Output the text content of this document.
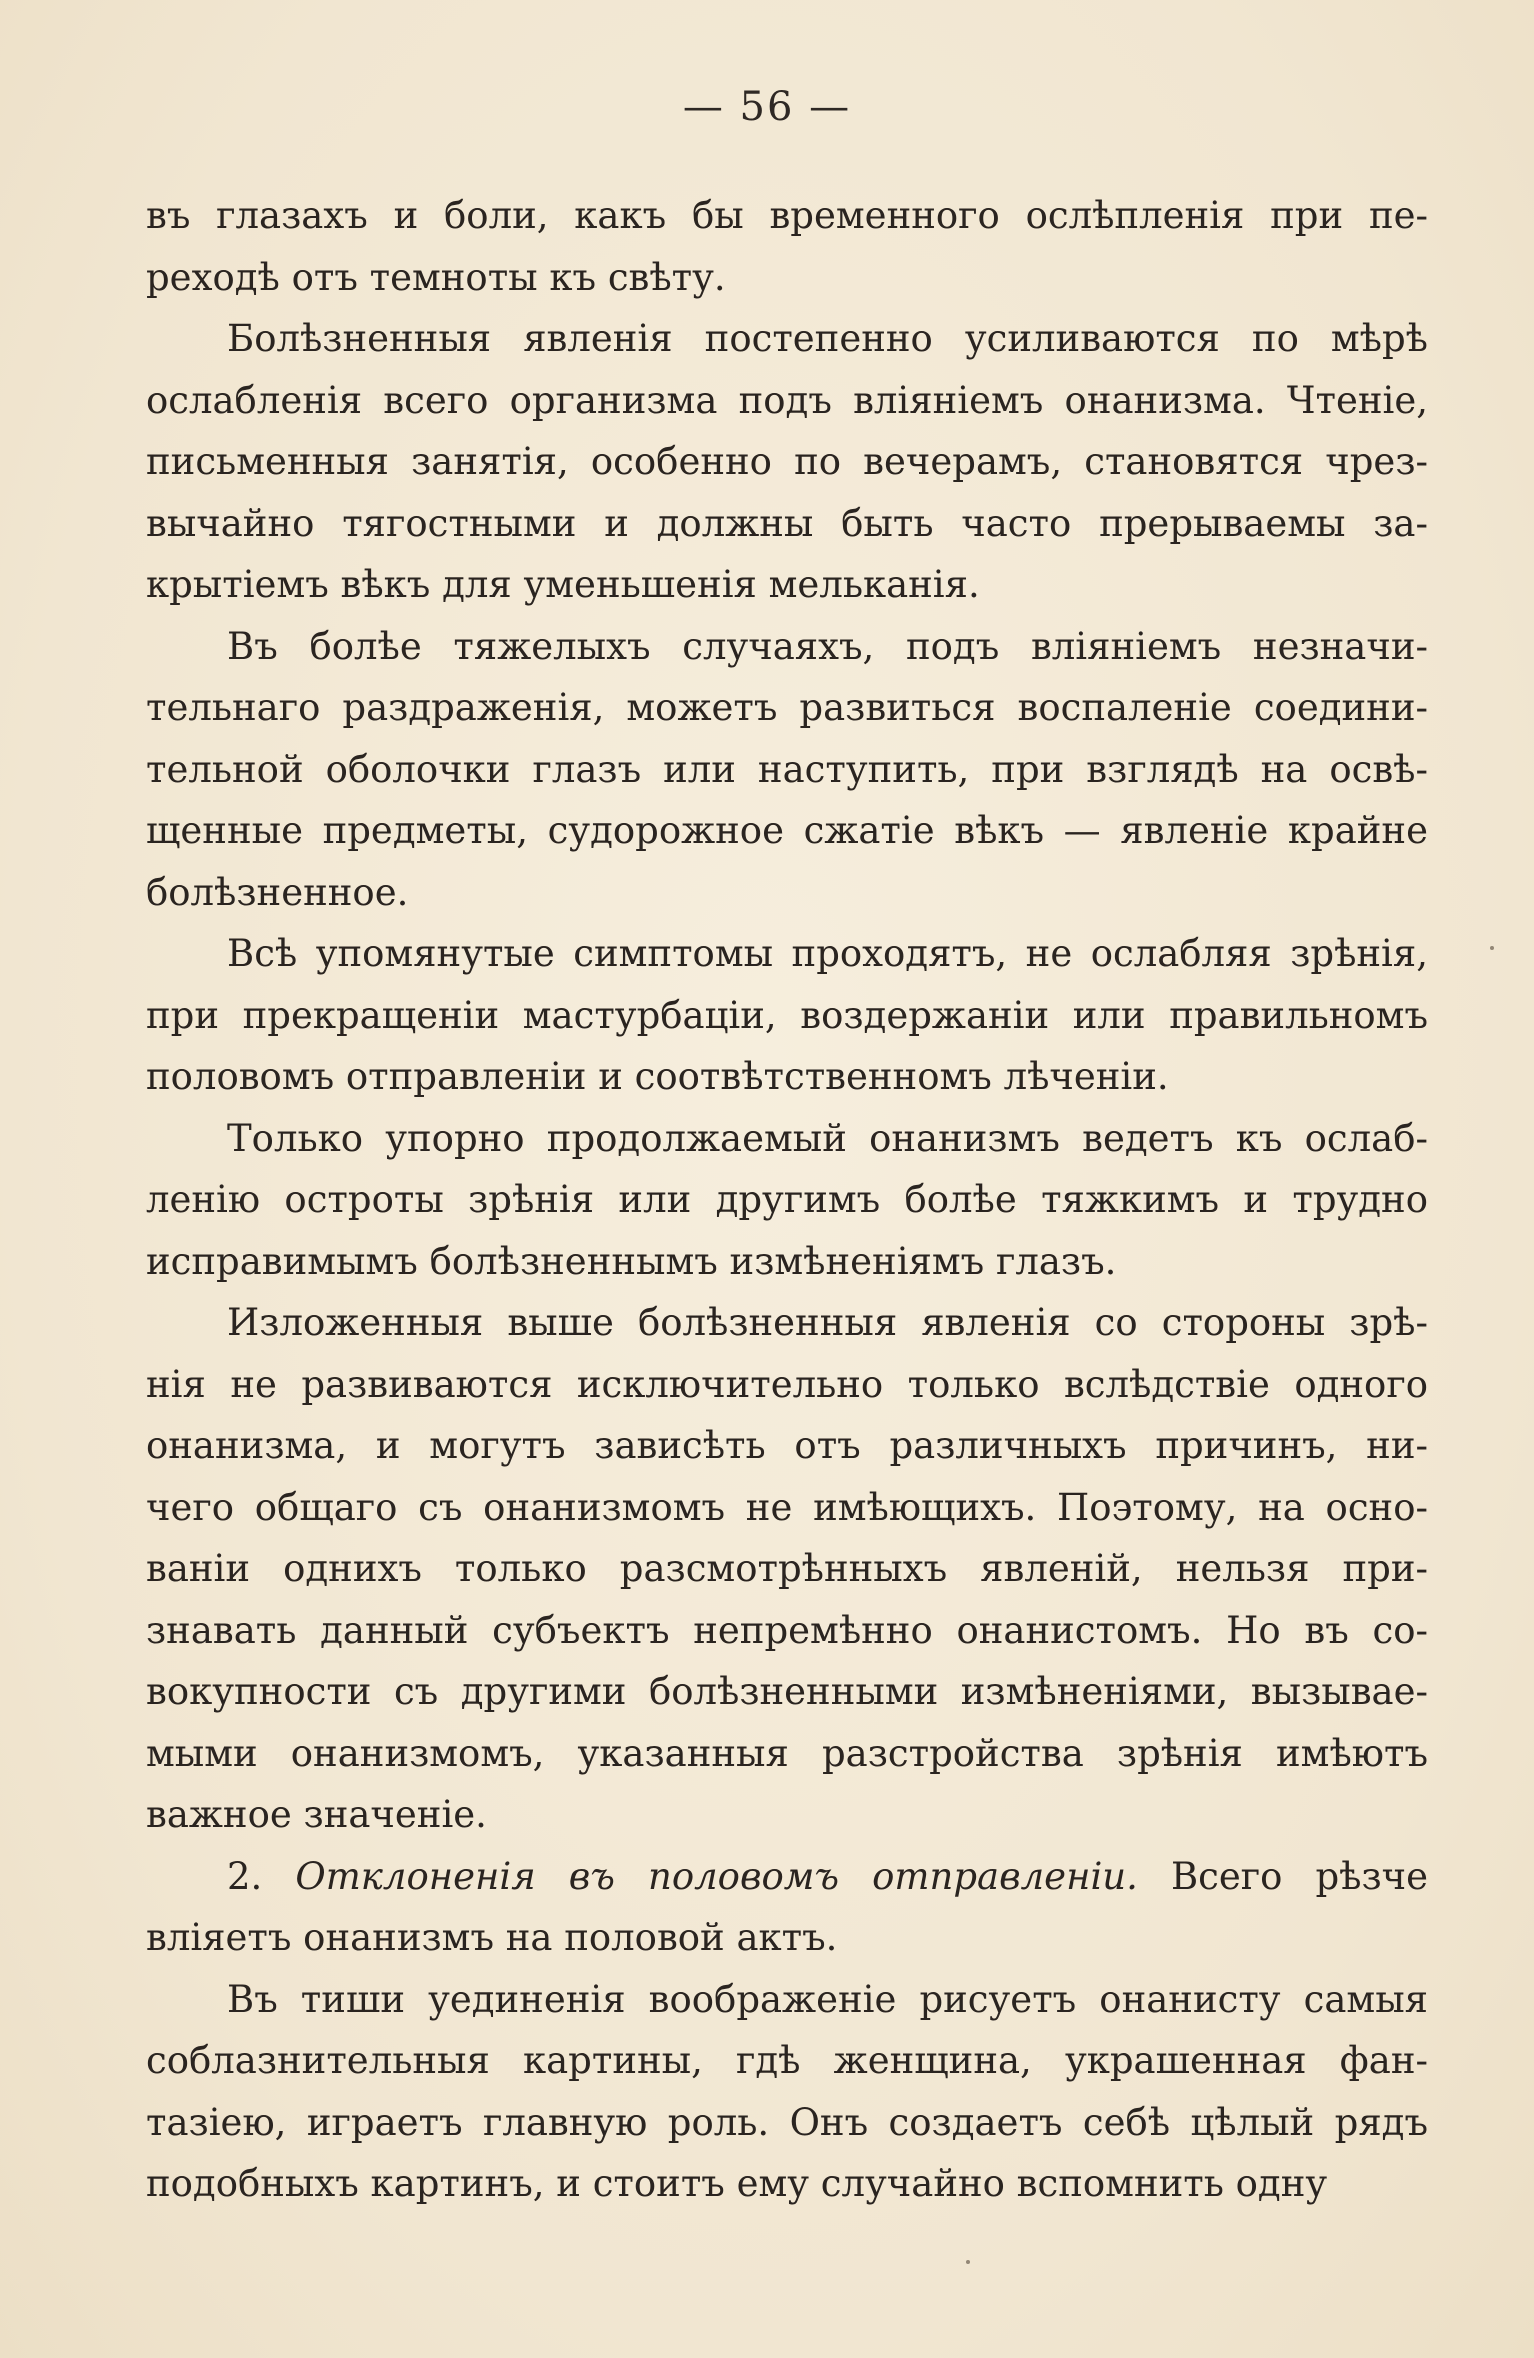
— 56 —
въ глазахъ и боли, какъ бы временного ослѣпленія при пе-
реходѣ отъ темноты къ свѣту.
Болѣзненныя явленія постепенно усиливаются по мѣрѣ
ослабленія всего организма подъ вліяніемъ онанизма. Чтеніе,
письменныя занятія, особенно по вечерамъ, становятся чрез-
вычайно тягостными и должны быть часто прерываемы за-
крытіемъ вѣкъ для уменьшенія мельканія.
Въ болѣе тяжелыхъ случаяхъ, подъ вліяніемъ незначи-
тельнаго раздраженія, можетъ развиться воспаленіе соедини-
тельной оболочки глазъ или наступить, при взглядѣ на освѣ-
щенные предметы, судорожное сжатіе вѣкъ — явленіе крайне
болѣзненное.
Всѣ упомянутые симптомы проходятъ, не ослабляя зрѣнія,
при прекращеніи мастурбаціи, воздержаніи или правильномъ
половомъ отправленіи и соотвѣтственномъ лѣченіи.
Только упорно продолжаемый онанизмъ ведетъ къ ослаб-
ленію остроты зрѣнія или другимъ болѣе тяжкимъ и трудно
исправимымъ болѣзненнымъ измѣненіямъ глазъ.
Изложенныя выше болѣзненныя явленія со стороны зрѣ-
нія не развиваются исключительно только вслѣдствіе одного
онанизма, и могутъ зависѣть отъ различныхъ причинъ, ни-
чего общаго съ онанизмомъ не имѣющихъ. Поэтому, на осно-
ваніи однихъ только разсмотрѣнныхъ явленій, нельзя при-
знавать данный субъектъ непремѣнно онанистомъ. Но въ со-
вокупности съ другими болѣзненными измѣненіями, вызывае-
мыми онанизмомъ, указанныя разстройства зрѣнія имѣютъ
важное значеніе.
2. Отклоненія въ половомъ отправленіи. Всего рѣзче
вліяетъ онанизмъ на половой актъ.
Въ тиши уединенія воображеніе рисуетъ онанисту самыя
соблазнительныя картины, гдѣ женщина, украшенная фан-
тазіею, играетъ главную роль. Онъ создаетъ себѣ цѣлый рядъ
подобныхъ картинъ, и стоитъ ему случайно вспомнить одну
